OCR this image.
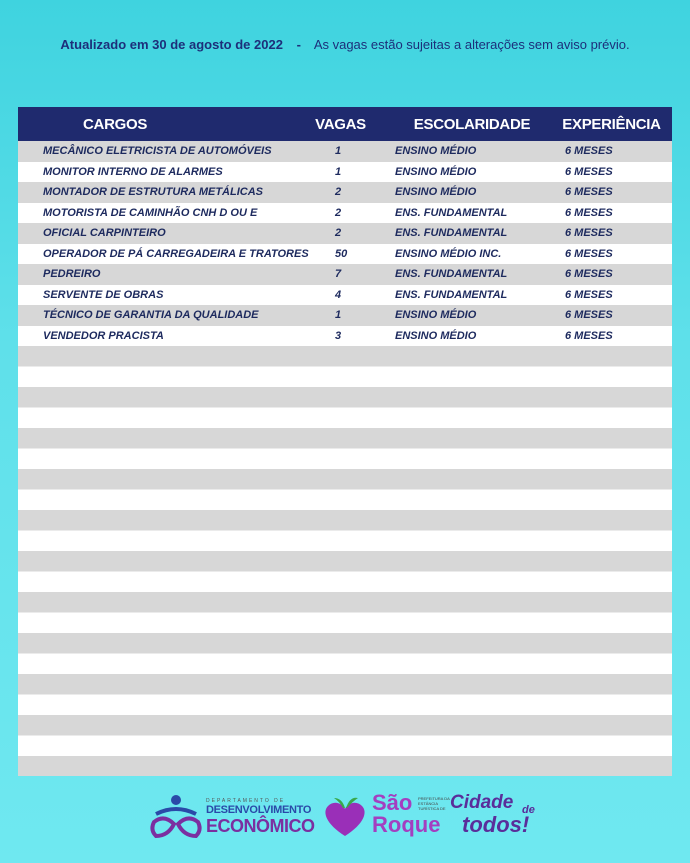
Atualizado em 30 de agosto de 2022 - As vagas estão sujeitas a alterações sem aviso prévio.
CARGOS	VAGAS	ESCOLARIDADE	EXPERIÊNCIA
MECÂNICO ELETRICISTA DE AUTOMÓVEIS	1	ENSINO MÉDIO	6 MESES
MONITOR INTERNO DE ALARMES	1	ENSINO MÉDIO	6 MESES
MONTADOR DE ESTRUTURA METÁLICAS	2	ENSINO MÉDIO	6 MESES
MOTORISTA DE CAMINHÃO CNH D OU E	2	ENS. FUNDAMENTAL	6 MESES
OFICIAL CARPINTEIRO	2	ENS. FUNDAMENTAL	6 MESES
OPERADOR DE PÁ CARREGADEIRA E TRATORES	50	ENSINO MÉDIO INC.	6 MESES
PEDREIRO	7	ENS. FUNDAMENTAL	6 MESES
SERVENTE DE OBRAS	4	ENS. FUNDAMENTAL	6 MESES
TÉCNICO DE GARANTIA DA QUALIDADE	1	ENSINO MÉDIO	6 MESES
VENDEDOR PRACISTA	3	ENSINO MÉDIO	6 MESES
DEPARTAMENTO DE
DESENVOLVIMENTO
ECONÔMICO
São
Roque
PREFEITURA DA ESTÂNCIA TURÍSTICA DE Cidade de
todos!
